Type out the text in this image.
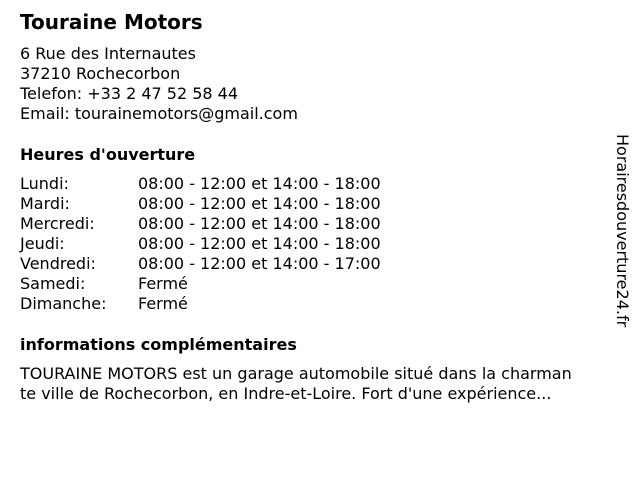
Touraine Motors
6 Rue des Internautes
37210 Rochecorbon
Telefon: +33 2 47 52 58 44
Email: tourainemotors@gmail.com
Heures d'ouverture
Lundi:	08:00 - 12:00 et 14:00 - 18:00
Mardi:	08:00 - 12:00 et 14:00 - 18:00
Mercredi:	08:00 - 12:00 et 14:00 - 18:00
Jeudi:	08:00 - 12:00 et 14:00 - 18:00
Vendredi:	08:00 - 12:00 et 14:00 - 17:00
Samedi:	Fermé
Dimanche:	Fermé
informations complémentaires
TOURAINE MOTORS est un garage automobile situé dans la charman
te ville de Rochecorbon, en Indre-et-Loire. Fort d'une expérience...
Horairesdouverture24.fr
